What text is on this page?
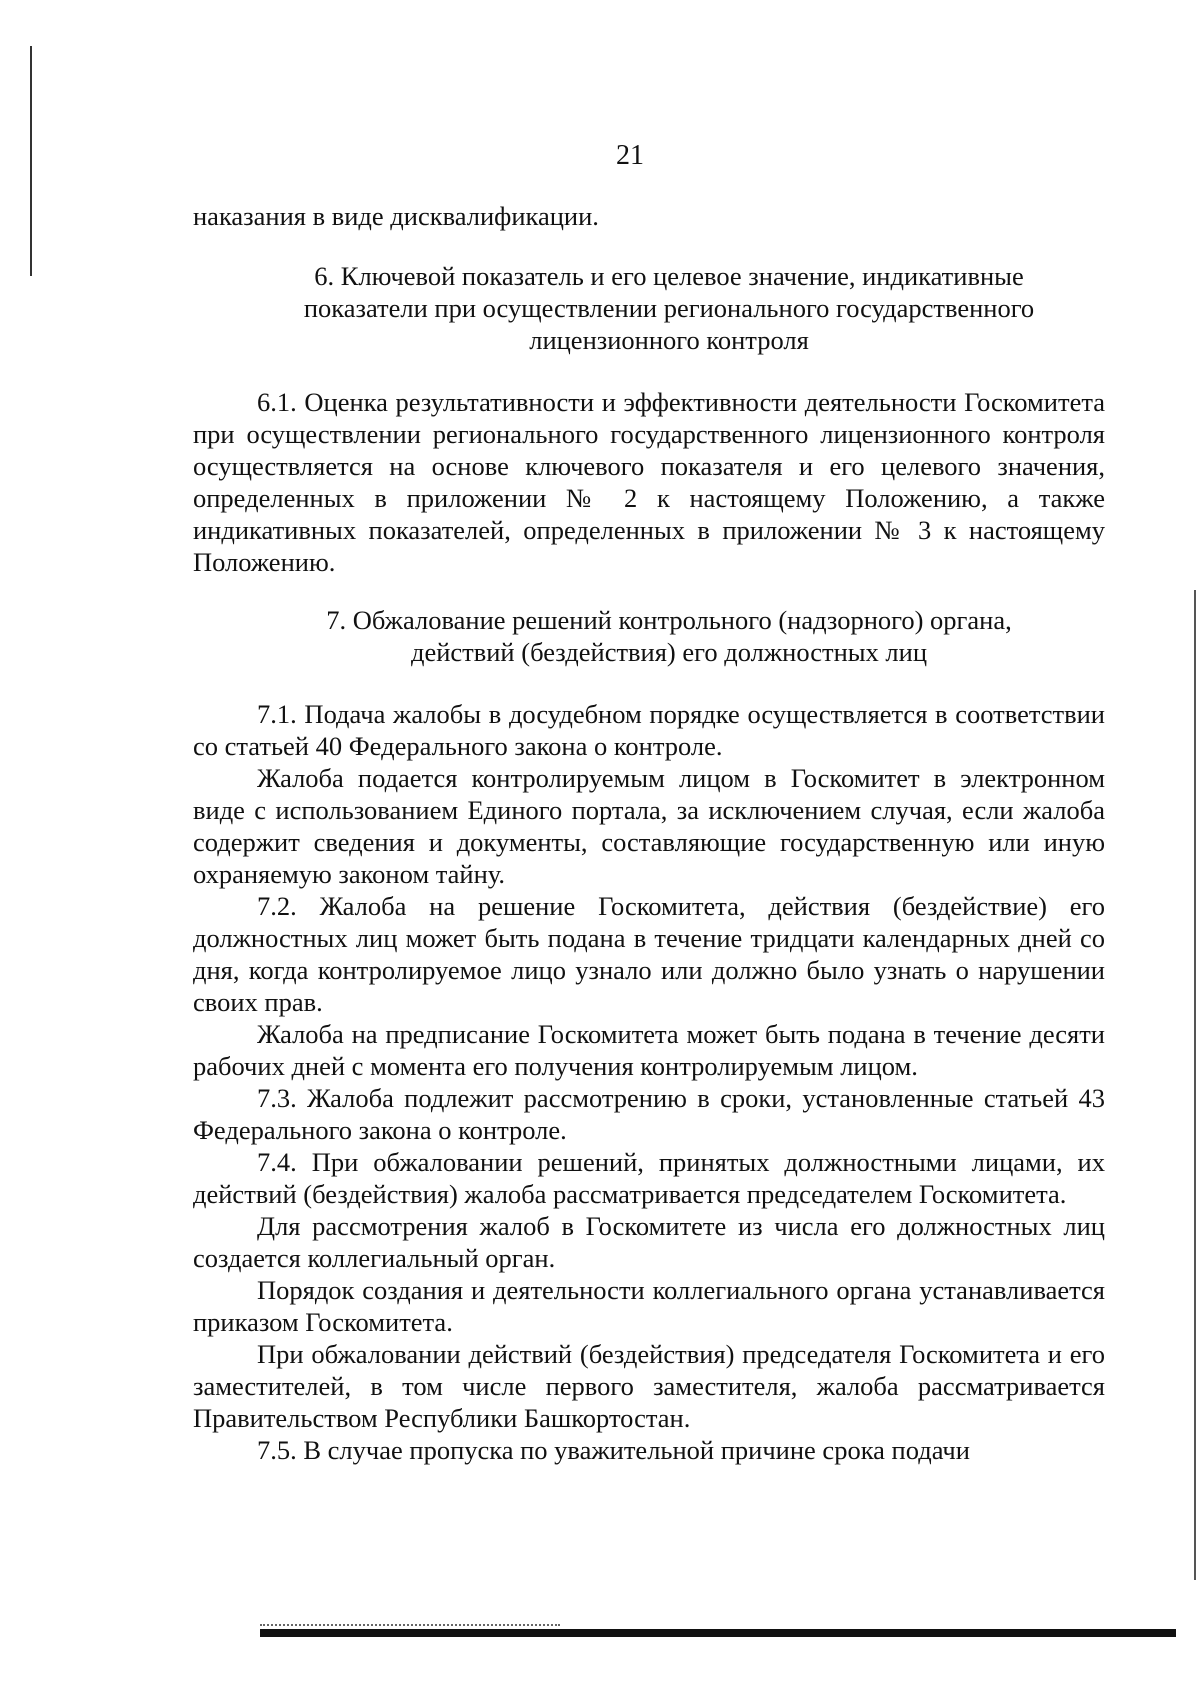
21

наказания в виде дисквалификации.

6. Ключевой показатель и его целевое значение, индикативные
показатели при осуществлении регионального государственного
лицензионного контроля

6.1. Оценка результативности и эффективности деятельности Госкомитета при осуществлении регионального государственного лицензионного контроля осуществляется на основе ключевого показателя и его целевого значения, определенных в приложении № 2 к настоящему Положению, а также индикативных показателей, определенных в приложении № 3 к настоящему Положению.

7. Обжалование решений контрольного (надзорного) органа,
действий (бездействия) его должностных лиц

7.1. Подача жалобы в досудебном порядке осуществляется в соответствии со статьей 40 Федерального закона о контроле.

Жалоба подается контролируемым лицом в Госкомитет в электронном виде с использованием Единого портала, за исключением случая, если жалоба содержит сведения и документы, составляющие государственную или иную охраняемую законом тайну.

7.2. Жалоба на решение Госкомитета, действия (бездействие) его должностных лиц может быть подана в течение тридцати календарных дней со дня, когда контролируемое лицо узнало или должно было узнать о нарушении своих прав.

Жалоба на предписание Госкомитета может быть подана в течение десяти рабочих дней с момента его получения контролируемым лицом.

7.3. Жалоба подлежит рассмотрению в сроки, установленные статьей 43 Федерального закона о контроле.

7.4. При обжаловании решений, принятых должностными лицами, их действий (бездействия) жалоба рассматривается председателем Госкомитета.

Для рассмотрения жалоб в Госкомитете из числа его должностных лиц создается коллегиальный орган.

Порядок создания и деятельности коллегиального органа устанавливается приказом Госкомитета.

При обжаловании действий (бездействия) председателя Госкомитета и его заместителей, в том числе первого заместителя, жалоба рассматривается Правительством Республики Башкортостан.

7.5. В случае пропуска по уважительной причине срока подачи
